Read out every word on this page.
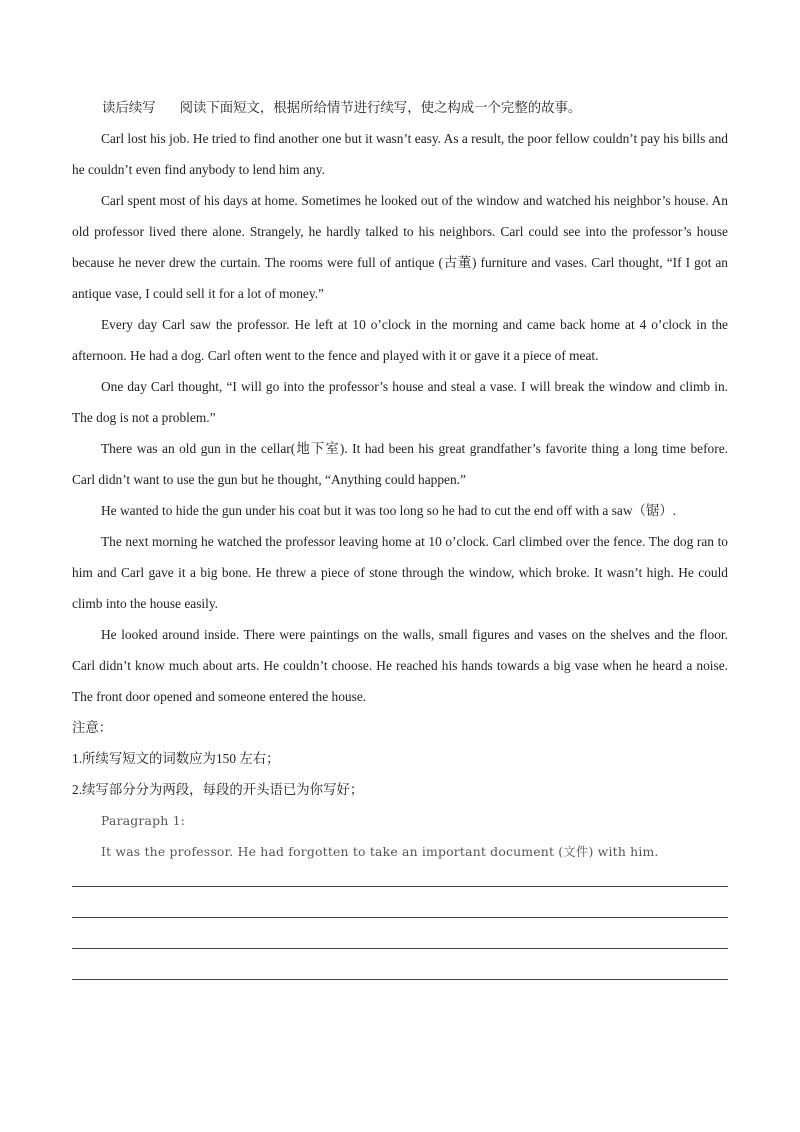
读后续写 阅读下面短文，根据所给情节进行续写，使之构成一个完整的故事。

Carl lost his job. He tried to find another one but it wasn’t easy. As a result, the poor fellow couldn’t pay his bills and he couldn’t even find anybody to lend him any.

Carl spent most of his days at home. Sometimes he looked out of the window and watched his neighbor’s house. An old professor lived there alone. Strangely, he hardly talked to his neighbors. Carl could see into the professor’s house because he never drew the curtain. The rooms were full of antique (古董) furniture and vases. Carl thought, “If I got an antique vase, I could sell it for a lot of money.”

Every day Carl saw the professor. He left at 10 o’clock in the morning and came back home at 4 o’clock in the afternoon. He had a dog. Carl often went to the fence and played with it or gave it a piece of meat.

One day Carl thought, “I will go into the professor’s house and steal a vase. I will break the window and climb in. The dog is not a problem.”

There was an old gun in the cellar(地下室). It had been his great grandfather’s favorite thing a long time before. Carl didn’t want to use the gun but he thought, “Anything could happen.”

He wanted to hide the gun under his coat but it was too long so he had to cut the end off with a saw（锯）.

The next morning he watched the professor leaving home at 10 o’clock. Carl climbed over the fence. The dog ran to him and Carl gave it a big bone. He threw a piece of stone through the window, which broke. It wasn’t high. He could climb into the house easily.

He looked around inside. There were paintings on the walls, small figures and vases on the shelves and the floor. Carl didn’t know much about arts. He couldn’t choose. He reached his hands towards a big vase when he heard a noise. The front door opened and someone entered the house.

注意：

1.所续写短文的词数应为150 左右；

2.续写部分分为两段，每段的开头语已为你写好；

Paragraph 1:

It was the professor. He had forgotten to take an important document (文件) with him.
